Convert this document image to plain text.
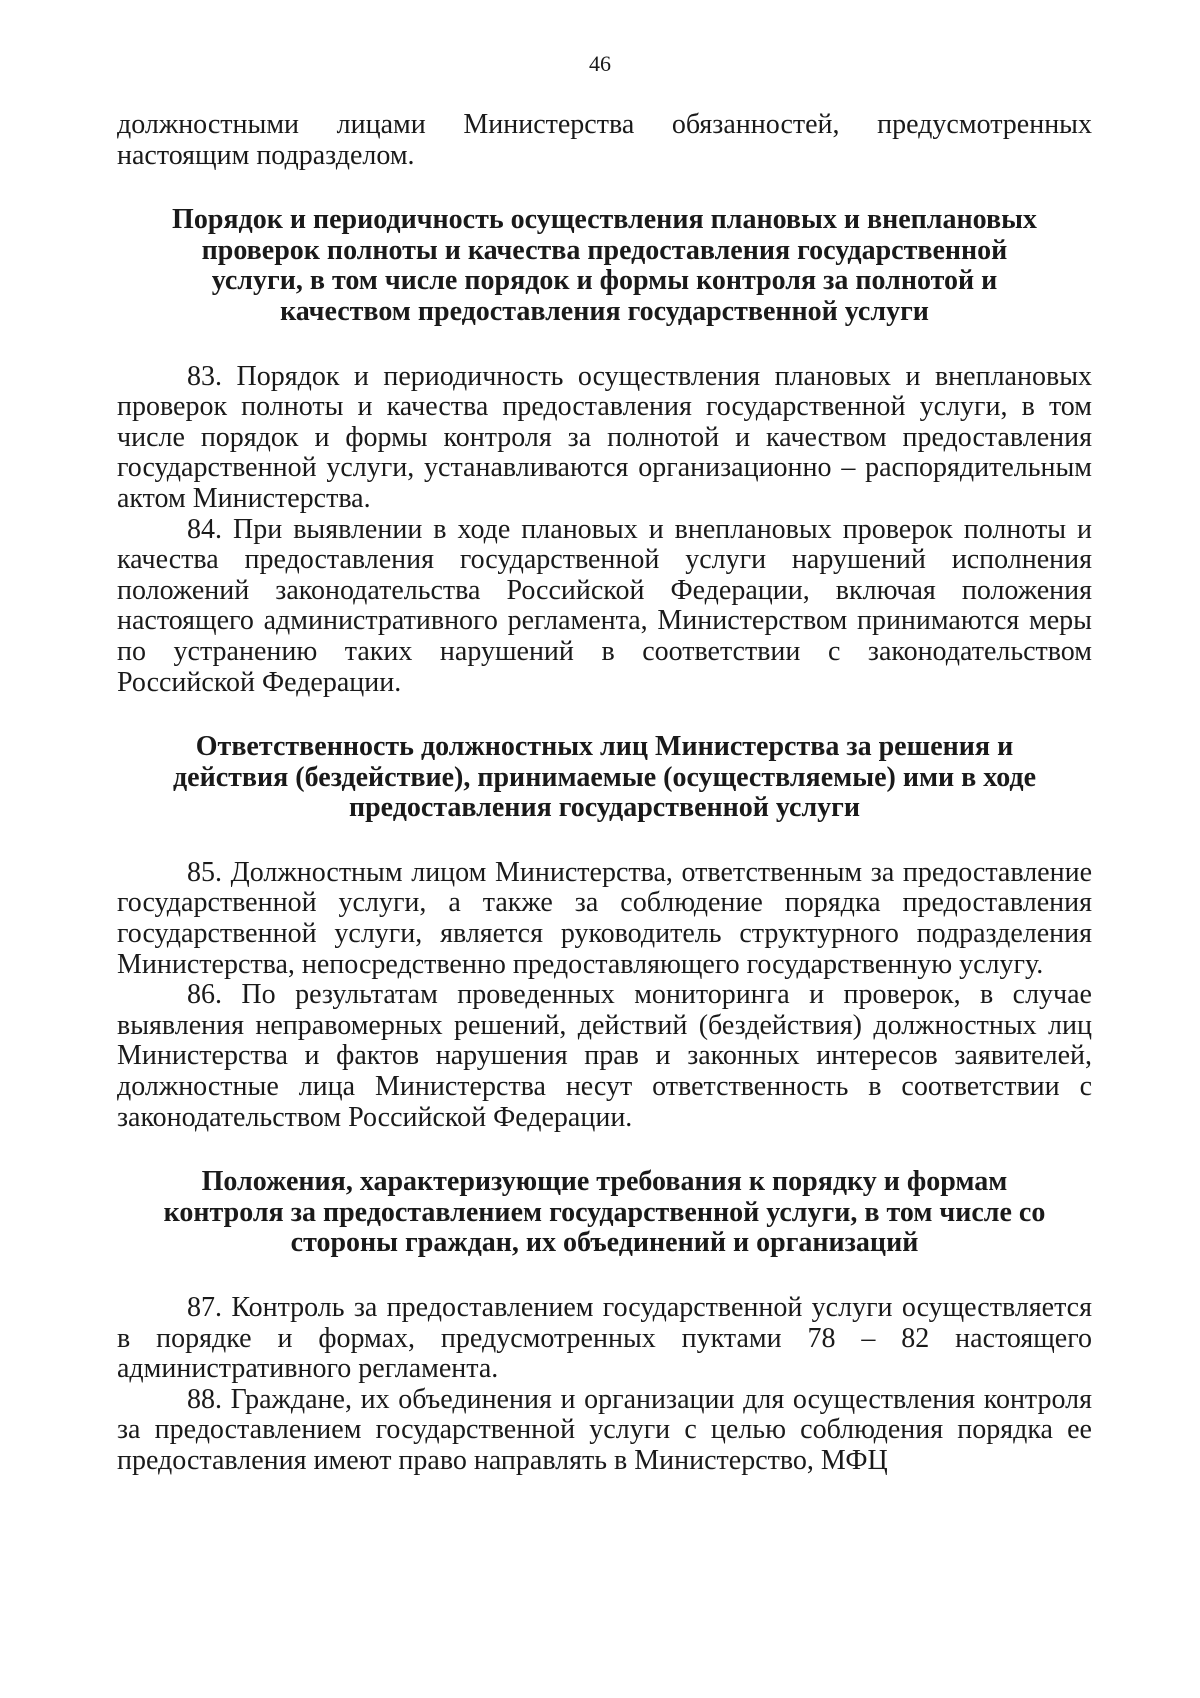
46

должностными лицами Министерства обязанностей, предусмотренных настоящим подразделом.

Порядок и периодичность осуществления плановых и внеплановых проверок полноты и качества предоставления государственной услуги, в том числе порядок и формы контроля за полнотой и качеством предоставления государственной услуги

83. Порядок и периодичность осуществления плановых и внеплановых проверок полноты и качества предоставления государственной услуги, в том числе порядок и формы контроля за полнотой и качеством предоставления государственной услуги, устанавливаются организационно – распорядительным актом Министерства.

84. При выявлении в ходе плановых и внеплановых проверок полноты и качества предоставления государственной услуги нарушений исполнения положений законодательства Российской Федерации, включая положения настоящего административного регламента, Министерством принимаются меры по устранению таких нарушений в соответствии с законодательством Российской Федерации.

Ответственность должностных лиц Министерства за решения и действия (бездействие), принимаемые (осуществляемые) ими в ходе предоставления государственной услуги

85. Должностным лицом Министерства, ответственным за предоставление государственной услуги, а также за соблюдение порядка предоставления государственной услуги, является руководитель структурного подразделения Министерства, непосредственно предоставляющего государственную услугу.

86. По результатам проведенных мониторинга и проверок, в случае выявления неправомерных решений, действий (бездействия) должностных лиц Министерства и фактов нарушения прав и законных интересов заявителей, должностные лица Министерства несут ответственность в соответствии с законодательством Российской Федерации.

Положения, характеризующие требования к порядку и формам контроля за предоставлением государственной услуги, в том числе со стороны граждан, их объединений и организаций

87. Контроль за предоставлением государственной услуги осуществляется в порядке и формах, предусмотренных пуктами 78 – 82 настоящего административного регламента.

88. Граждане, их объединения и организации для осуществления контроля за предоставлением государственной услуги с целью соблюдения порядка ее предоставления имеют право направлять в Министерство, МФЦ
